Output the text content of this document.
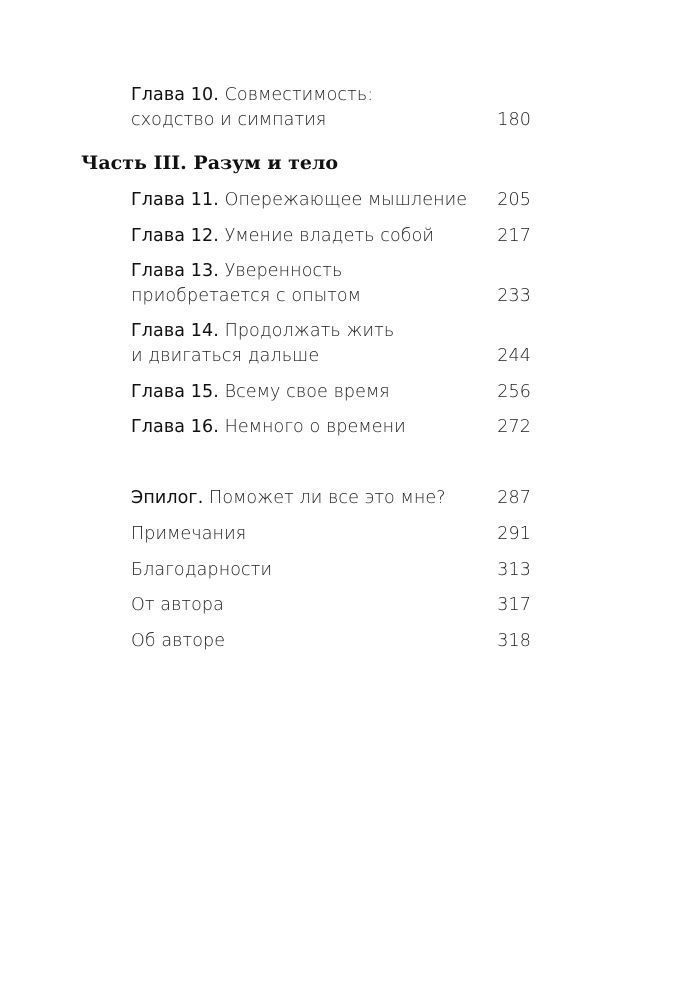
Глава 10. Совместимость:
сходство и симпатия	180
Часть III. Разум и тело
Глава 11. Опережающее мышление 205
Глава 12. Умение владеть собой	217
Глава 13. Уверенность
приобретается с опытом	233
Глава 14. Продолжать жить
и двигаться дальше	244
Глава 15. Всему свое время	256
Глава 16. Немного о времени	272
Эпилог. Поможет ли все это мне?	287
Примечания	291
Благодарности	313
От автора	317
Об авторе	318
